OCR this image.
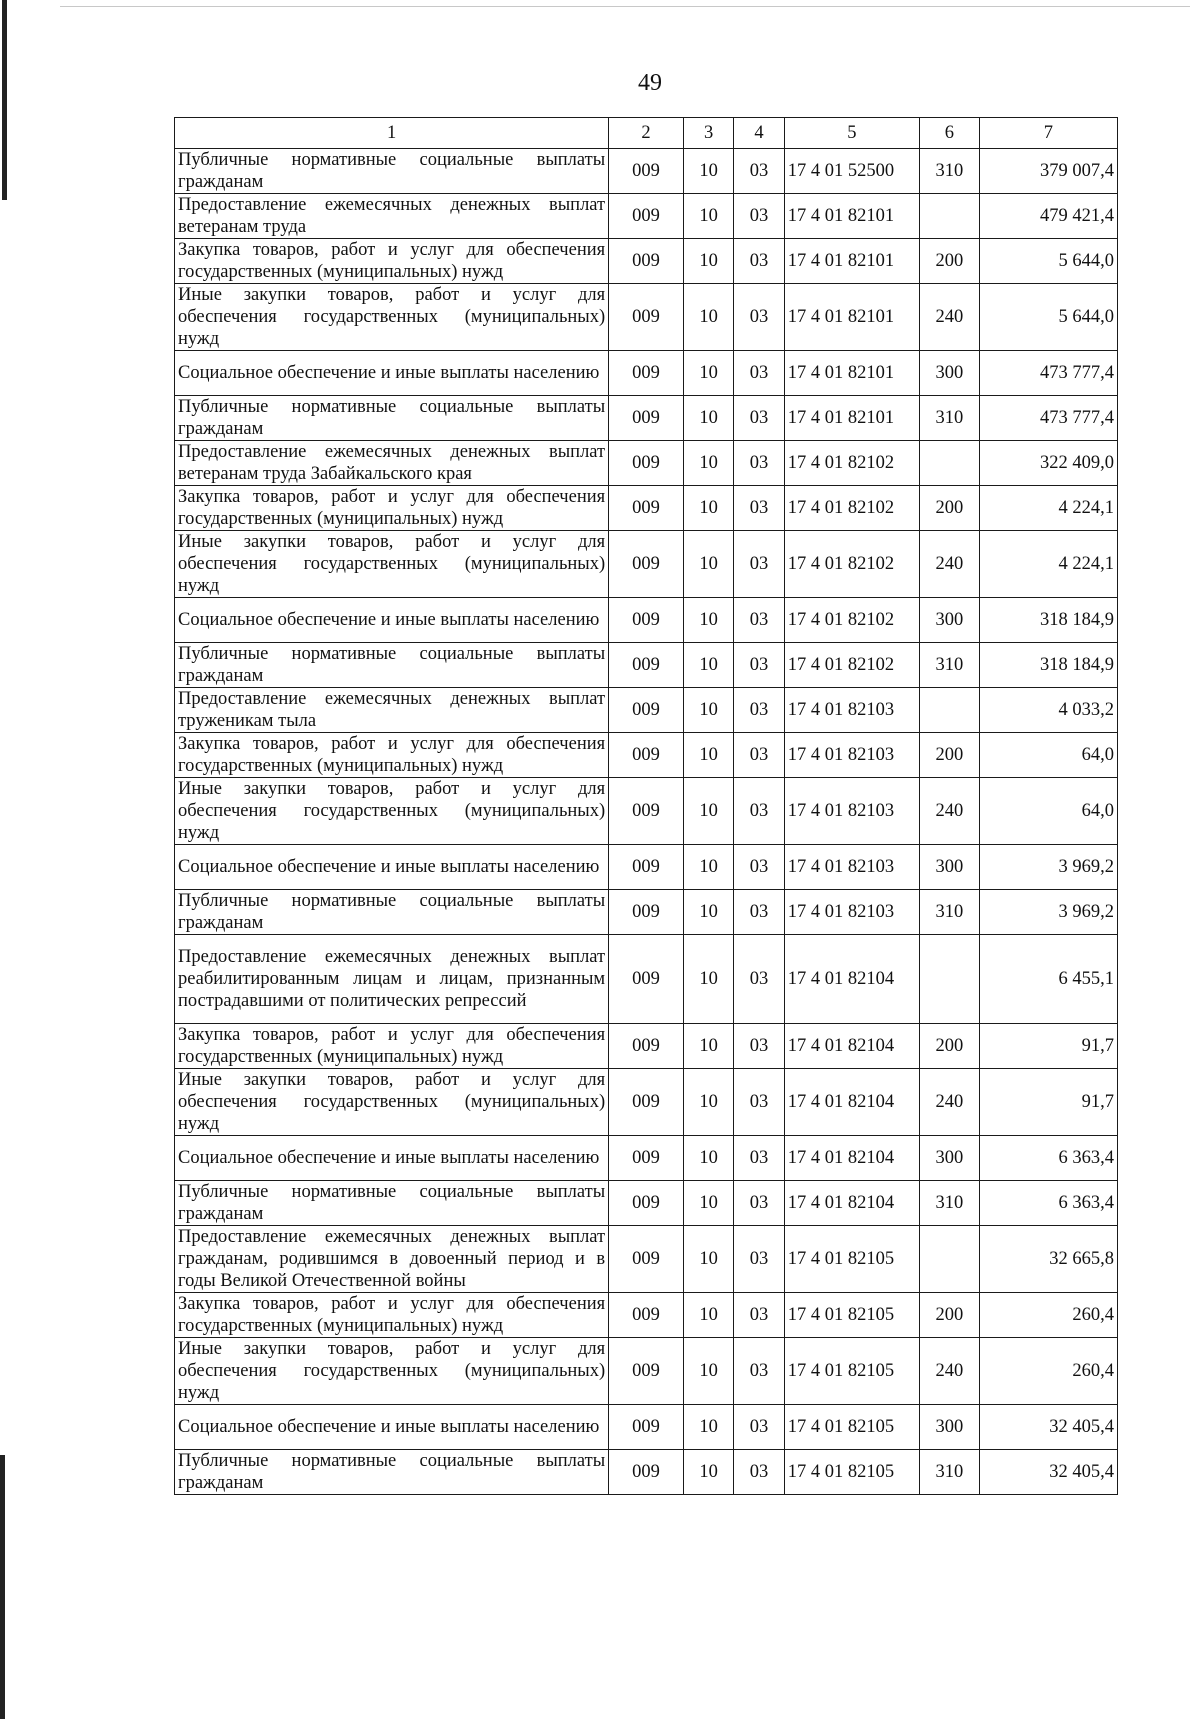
49
1	2	3	4	5	6	7
Публичные нормативные социальные выплаты гражданам	009	10	03	17 4 01 52500	310	379 007,4
Предоставление ежемесячных денежных выплат ветеранам труда	009	10	03	17 4 01 82101		479 421,4
Закупка товаров, работ и услуг для обеспечения государственных (муниципальных) нужд	009	10	03	17 4 01 82101	200	5 644,0
Иные закупки товаров, работ и услуг для обеспечения государственных (муниципальных) нужд	009	10	03	17 4 01 82101	240	5 644,0
Социальное обеспечение и иные выплаты населению	009	10	03	17 4 01 82101	300	473 777,4
Публичные нормативные социальные выплаты гражданам	009	10	03	17 4 01 82101	310	473 777,4
Предоставление ежемесячных денежных выплат ветеранам труда Забайкальского края	009	10	03	17 4 01 82102		322 409,0
Закупка товаров, работ и услуг для обеспечения государственных (муниципальных) нужд	009	10	03	17 4 01 82102	200	4 224,1
Иные закупки товаров, работ и услуг для обеспечения государственных (муниципальных) нужд	009	10	03	17 4 01 82102	240	4 224,1
Социальное обеспечение и иные выплаты населению	009	10	03	17 4 01 82102	300	318 184,9
Публичные нормативные социальные выплаты гражданам	009	10	03	17 4 01 82102	310	318 184,9
Предоставление ежемесячных денежных выплат труженикам тыла	009	10	03	17 4 01 82103		4 033,2
Закупка товаров, работ и услуг для обеспечения государственных (муниципальных) нужд	009	10	03	17 4 01 82103	200	64,0
Иные закупки товаров, работ и услуг для обеспечения государственных (муниципальных) нужд	009	10	03	17 4 01 82103	240	64,0
Социальное обеспечение и иные выплаты населению	009	10	03	17 4 01 82103	300	3 969,2
Публичные нормативные социальные выплаты гражданам	009	10	03	17 4 01 82103	310	3 969,2
Предоставление ежемесячных денежных выплат реабилитированным лицам и лицам, признанным пострадавшими от политических репрессий	009	10	03	17 4 01 82104		6 455,1
Закупка товаров, работ и услуг для обеспечения государственных (муниципальных) нужд	009	10	03	17 4 01 82104	200	91,7
Иные закупки товаров, работ и услуг для обеспечения государственных (муниципальных) нужд	009	10	03	17 4 01 82104	240	91,7
Социальное обеспечение и иные выплаты населению	009	10	03	17 4 01 82104	300	6 363,4
Публичные нормативные социальные выплаты гражданам	009	10	03	17 4 01 82104	310	6 363,4
Предоставление ежемесячных денежных выплат гражданам, родившимся в довоенный период и в годы Великой Отечественной войны	009	10	03	17 4 01 82105		32 665,8
Закупка товаров, работ и услуг для обеспечения государственных (муниципальных) нужд	009	10	03	17 4 01 82105	200	260,4
Иные закупки товаров, работ и услуг для обеспечения государственных (муниципальных) нужд	009	10	03	17 4 01 82105	240	260,4
Социальное обеспечение и иные выплаты населению	009	10	03	17 4 01 82105	300	32 405,4
Публичные нормативные социальные выплаты гражданам	009	10	03	17 4 01 82105	310	32 405,4
